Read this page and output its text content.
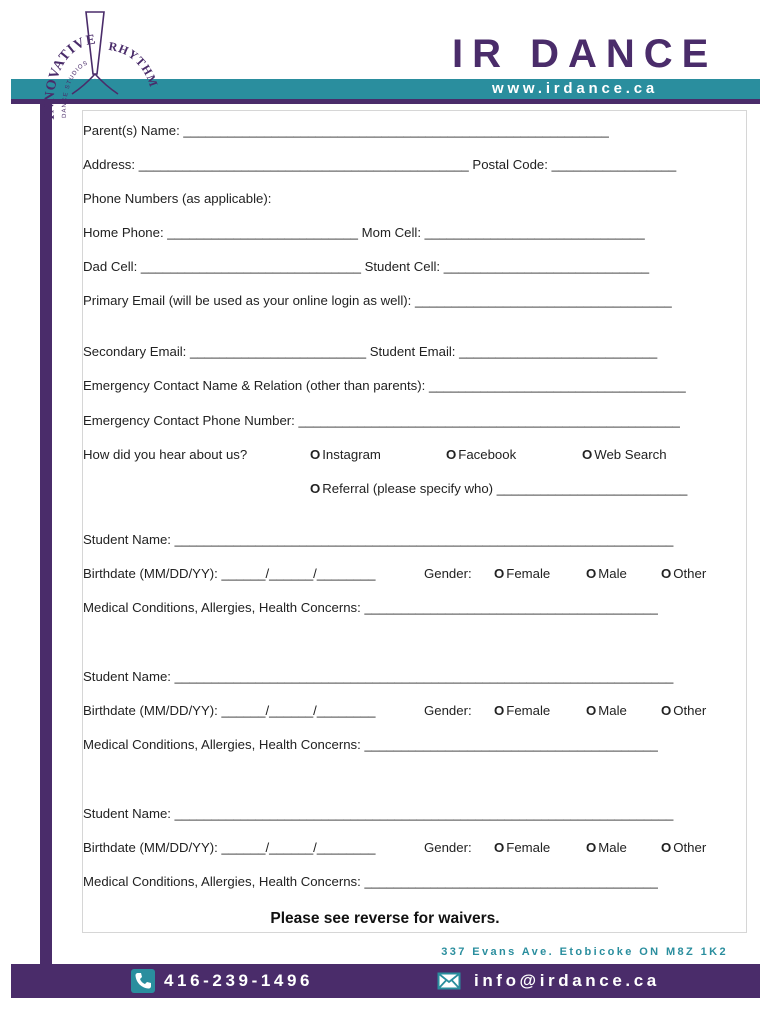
INNOVATIVE
DANCE STUDIOS
RHYTHM
IR DANCE
www.irdance.ca
Parent(s) Name: __________________________________________________________
Address: _____________________________________________ Postal Code: _________________
Phone Numbers (as applicable):
Home Phone: __________________________ Mom Cell: ______________________________
Dad Cell: ______________________________ Student Cell: ____________________________
Primary Email (will be used as your online login as well): ___________________________________
Secondary Email: ________________________ Student Email: ___________________________
Emergency Contact Name & Relation (other than parents): ___________________________________
Emergency Contact Phone Number: ____________________________________________________
How did you hear about us?	O Instagram	O Facebook	O Web Search
O Referral (please specify who) __________________________
Student Name: ____________________________________________________________________
Birthdate (MM/DD/YY): ______/______/________	Gender: O Female	O Male	O Other
Medical Conditions, Allergies, Health Concerns: ________________________________________
Student Name: ____________________________________________________________________
Birthdate (MM/DD/YY): ______/______/________	Gender: O Female	O Male	O Other
Medical Conditions, Allergies, Health Concerns: ________________________________________
Student Name: ____________________________________________________________________
Birthdate (MM/DD/YY): ______/______/________	Gender: O Female	O Male	O Other
Medical Conditions, Allergies, Health Concerns: ________________________________________
Please see reverse for waivers.
337 Evans Ave. Etobicoke ON M8Z 1K2
416-239-1496	info@irdance.ca
